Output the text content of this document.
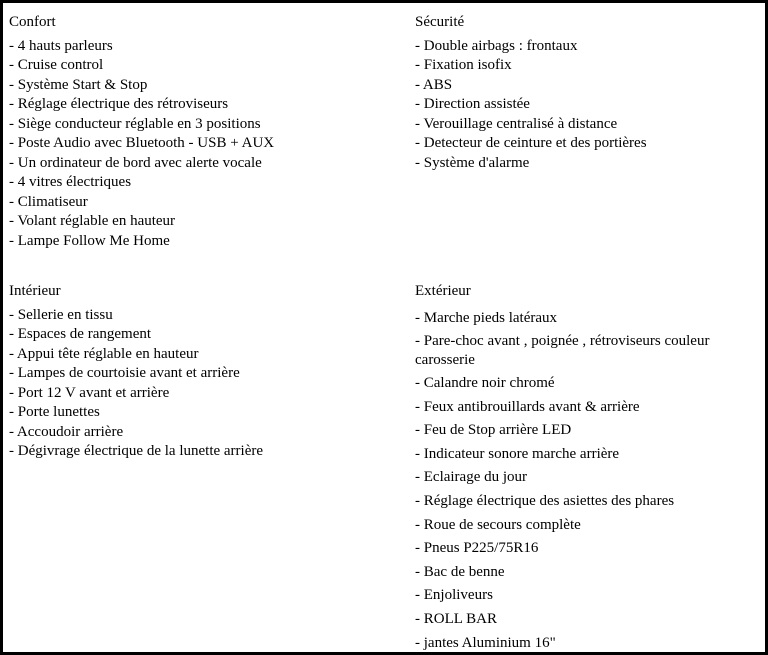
Confort
- 4 hauts parleurs
- Cruise control
- Système Start & Stop
- Réglage électrique des rétroviseurs
- Siège conducteur réglable en 3 positions
- Poste Audio avec Bluetooth - USB + AUX
- Un ordinateur de bord avec alerte vocale
- 4 vitres électriques
- Climatiseur
- Volant réglable en hauteur
- Lampe Follow Me Home
Sécurité
- Double airbags : frontaux
- Fixation isofix
- ABS
- Direction assistée
- Verouillage centralisé à distance
- Detecteur de ceinture et des portières
- Système d'alarme
Intérieur
- Sellerie en tissu
- Espaces de rangement
- Appui tête réglable en hauteur
- Lampes de courtoisie avant et arrière
- Port 12 V avant et arrière
- Porte lunettes
- Accoudoir arrière
- Dégivrage électrique de la lunette arrière
Extérieur
- Marche pieds latéraux
- Pare-choc avant , poignée , rétroviseurs couleur carosserie
- Calandre noir chromé
- Feux antibrouillards avant & arrière
- Feu de Stop arrière LED
- Indicateur sonore marche arrière
- Eclairage du jour
- Réglage électrique des asiettes des phares
- Roue de secours complète
- Pneus P225/75R16
- Bac de benne
- Enjoliveurs
- ROLL BAR
- jantes Aluminium 16"
